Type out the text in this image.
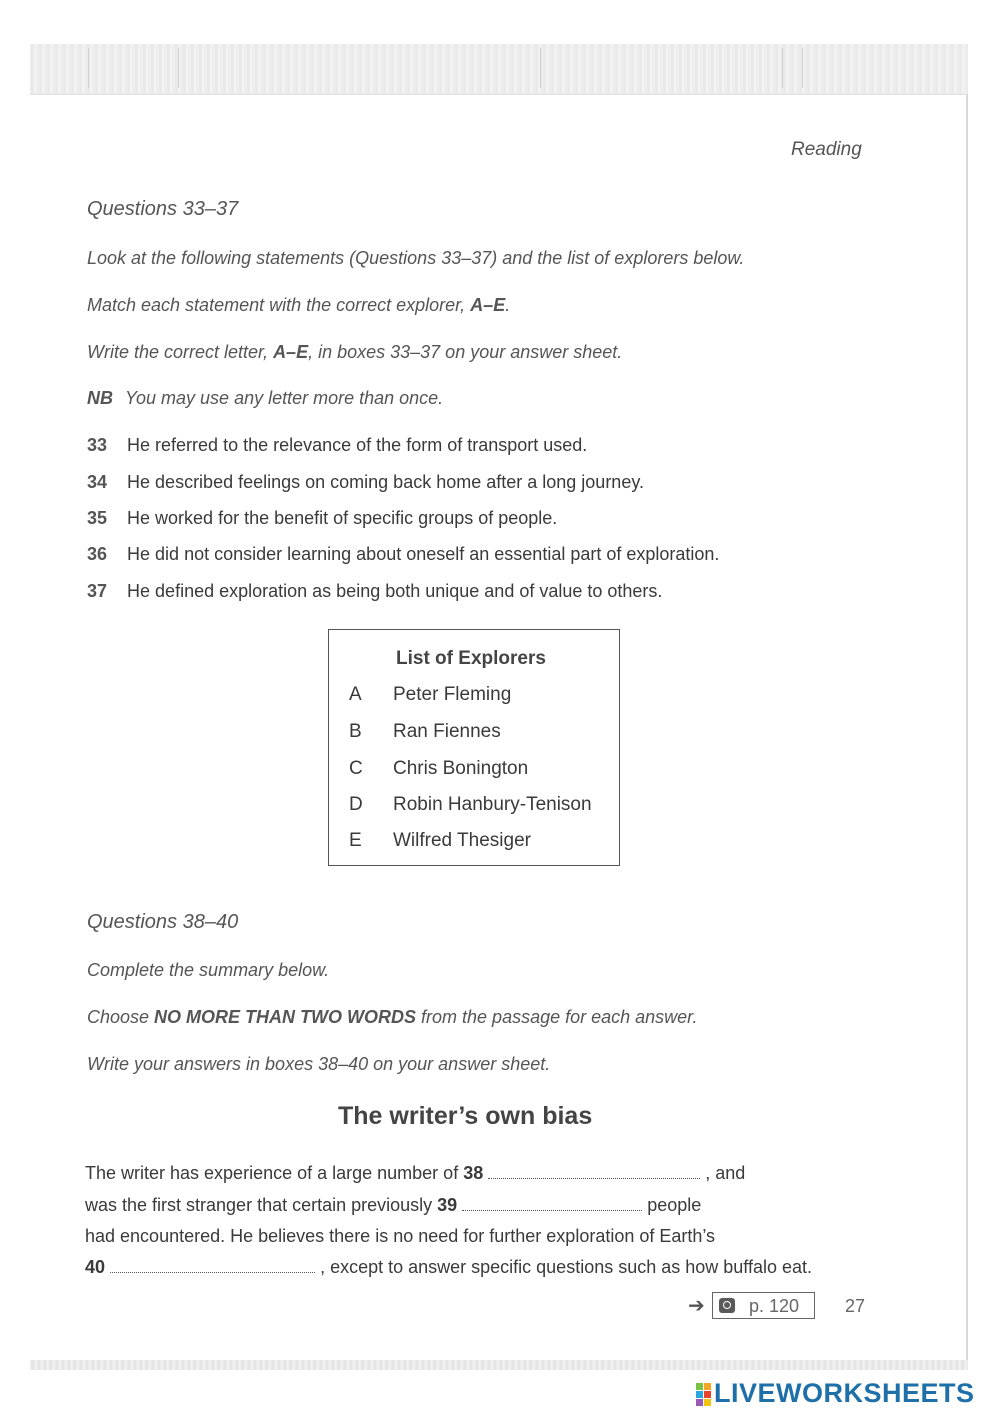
Reading
Questions 33–37
Look at the following statements (Questions 33–37) and the list of explorers below.
Match each statement with the correct explorer, A–E.
Write the correct letter, A–E, in boxes 33–37 on your answer sheet.
NB You may use any letter more than once.
33 He referred to the relevance of the form of transport used.
34 He described feelings on coming back home after a long journey.
35 He worked for the benefit of specific groups of people.
36 He did not consider learning about oneself an essential part of exploration.
37 He defined exploration as being both unique and of value to others.
List of Explorers
A Peter Fleming
B Ran Fiennes
C Chris Bonington
D Robin Hanbury-Tenison
E Wilfred Thesiger
Questions 38–40
Complete the summary below.
Choose NO MORE THAN TWO WORDS from the passage for each answer.
Write your answers in boxes 38–40 on your answer sheet.
The writer’s own bias
The writer has experience of a large number of 38	, and
was the first stranger that certain previously 39	people
had encountered. He believes there is no need for further exploration of Earth’s
40	, except to answer specific questions such as how buffalo eat.
➔ p. 120	27
LIVEWORKSHEETS
